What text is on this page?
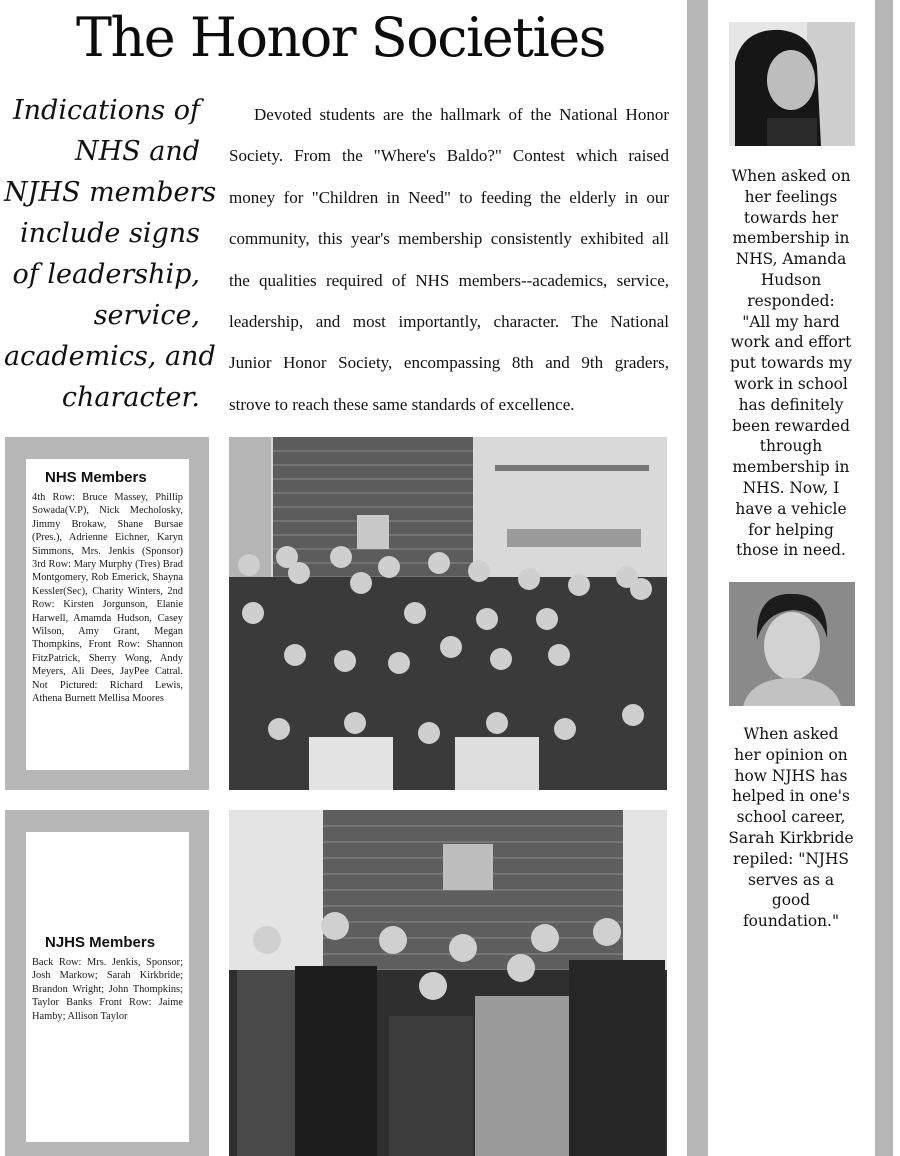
The Honor Societies
Indications of
NHS and
NJHS members
include signs
of leadership,
service,
academics, and
character.
Devoted students are the hallmark of the National Honor
Society. From the "Where's Baldo?" Contest which raised
money for "Children in Need" to feeding the elderly in our
community, this year's membership consistently exhibited all
the qualities required of NHS members--academics, service,
leadership, and most importantly, character. The National
Junior Honor Society, encompassing 8th and 9th graders,
strove to reach these same standards of excellence.
NHS Members
4th Row: Bruce Massey, Phillip Sowada(V.P), Nick Mecholosky, Jimmy Brokaw, Shane Bursae (Pres.), Adrienne Eichner, Karyn Simmons, Mrs. Jenkis (Sponsor) 3rd Row: Mary Murphy (Tres) Brad Montgomery, Rob Emerick, Shayna Kessler(Sec), Charity Winters, 2nd Row: Kirsten Jorgunson, Elanie Harwell, Amamda Hudson, Casey Wilson, Amy Grant, Megan Thompkins, Front Row: Shannon FitzPatrick, Sherry Wong, Andy Meyers, Ali Dees, JayPee Catral. Not Pictured: Richard Lewis, Athena Burnett Mellisa Moores
NJHS Members
Back Row: Mrs. Jenkis, Sponsor; Josh Markow; Sarah Kirkbride; Brandon Wright; John Thompkins; Taylor Banks Front Row: Jaime Hamby; Allison Taylor
When asked on
her feelings
towards her
membership in
NHS, Amanda
Hudson
responded:
"All my hard
work and effort
put towards my
work in school
has definitely
been rewarded
through
membership in
NHS. Now, I
have a vehicle
for helping
those in need.
When asked
her opinion on
how NJHS has
helped in one's
school career,
Sarah Kirkbride
repiled: "NJHS
serves as a
good
foundation."
